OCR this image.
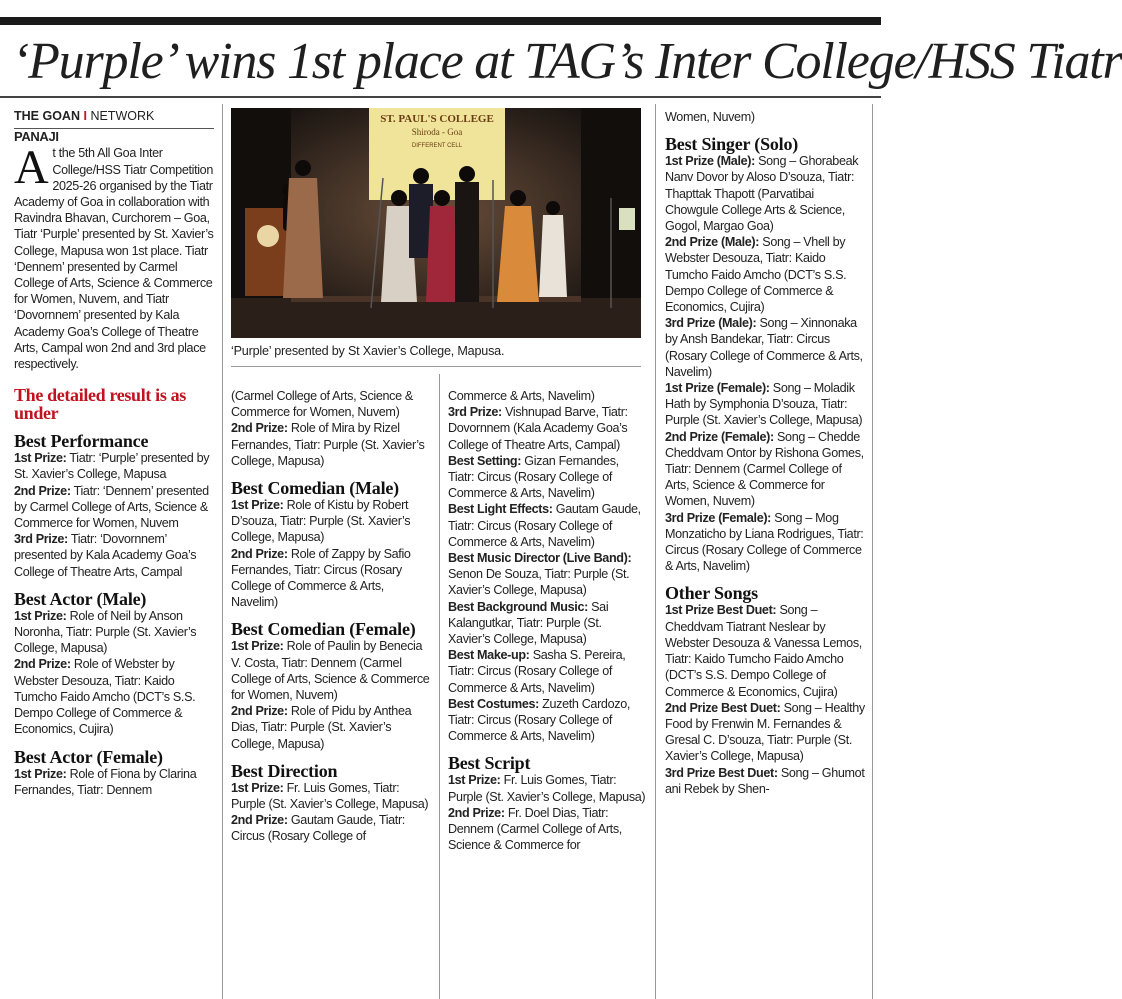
‘Purple’ wins 1st place at TAG’s Inter College/HSS Tiatr
THE GOAN I NETWORK

PANAJI

At the 5th All Goa Inter College/HSS Tiatr Competition 2025-26 organised by the Tiatr Academy of Goa in collaboration with Ravindra Bhavan, Curchorem – Goa, Tiatr ‘Purple’ presented by St. Xavier’s College, Mapusa won 1st place. Tiatr ‘Dennem’ presented by Carmel College of Arts, Science & Commerce for Women, Nuvem, and Tiatr ‘Dovornnem’ presented by Kala Academy Goa’s College of Theatre Arts, Campal won 2nd and 3rd place respectively.

The detailed result is as under
Best Performance

1st Prize: Tiatr: ‘Purple’ presented by St. Xavier’s College, Mapusa

2nd Prize: Tiatr: ‘Dennem’ presented by Carmel College of Arts, Science & Commerce for Women, Nuvem

3rd Prize: Tiatr: ‘Dovornnem’ presented by Kala Academy Goa’s College of Theatre Arts, Campal

Best Actor (Male)

1st Prize: Role of Neil by Anson Noronha, Tiatr: Purple (St. Xavier’s College, Mapusa)

2nd Prize: Role of Webster by Webster Desouza, Tiatr: Kaido Tumcho Faido Amcho (DCT’s S.S. Dempo College of Commerce & Economics, Cujira)

Best Actor (Female)

1st Prize: Role of Fiona by Clarina Fernandes, Tiatr: Dennem

ST. PAUL'S COLLEGE
Shiroda - Goa
DIFFERENT CELL
‘Purple’ presented by St Xavier’s College, Mapusa.

(Carmel College of Arts, Science & Commerce for Women, Nuvem)

2nd Prize: Role of Mira by Rizel Fernandes, Tiatr: Purple (St. Xavier’s College, Mapusa)

Best Comedian (Male)

1st Prize: Role of Kistu by Robert D’souza, Tiatr: Purple (St. Xavier’s College, Mapusa)

2nd Prize: Role of Zappy by Safio Fernandes, Tiatr: Circus (Rosary College of Commerce & Arts, Navelim)

Best Comedian (Female)

1st Prize: Role of Paulin by Benecia V. Costa, Tiatr: Dennem (Carmel College of Arts, Science & Commerce for Women, Nuvem)

2nd Prize: Role of Pidu by Anthea Dias, Tiatr: Purple (St. Xavier’s College, Mapusa)

Best Direction

1st Prize: Fr. Luis Gomes, Tiatr: Purple (St. Xavier’s College, Mapusa)

2nd Prize: Gautam Gaude, Tiatr: Circus (Rosary College of

Commerce & Arts, Navelim)

3rd Prize: Vishnupad Barve, Tiatr: Dovornnem (Kala Academy Goa’s College of Theatre Arts, Campal)

Best Setting: Gizan Fernandes, Tiatr: Circus (Rosary College of Commerce & Arts, Navelim)

Best Light Effects: Gautam Gaude, Tiatr: Circus (Rosary College of Commerce & Arts, Navelim)

Best Music Director (Live Band): Senon De Souza, Tiatr: Purple (St. Xavier’s College, Mapusa)

Best Background Music: Sai Kalangutkar, Tiatr: Purple (St. Xavier’s College, Mapusa)

Best Make-up: Sasha S. Pereira, Tiatr: Circus (Rosary College of Commerce & Arts, Navelim)

Best Costumes: Zuzeth Cardozo, Tiatr: Circus (Rosary College of Commerce & Arts, Navelim)

Best Script

1st Prize: Fr. Luis Gomes, Tiatr: Purple (St. Xavier’s College, Mapusa)

2nd Prize: Fr. Doel Dias, Tiatr: Dennem (Carmel College of Arts, Science & Commerce for

Women, Nuvem)

Best Singer (Solo)

1st Prize (Male): Song – Ghorabeak Nanv Dovor by Aloso D’souza, Tiatr: Thapttak Thapott (Parvatibai Chowgule College Arts & Science, Gogol, Margao Goa)

2nd Prize (Male): Song – Vhell by Webster Desouza, Tiatr: Kaido Tumcho Faido Amcho (DCT’s S.S. Dempo College of Commerce & Economics, Cujira)

3rd Prize (Male): Song – Xinnonaka by Ansh Bandekar, Tiatr: Circus (Rosary College of Commerce & Arts, Navelim)

1st Prize (Female): Song – Moladik Hath by Symphonia D’souza, Tiatr: Purple (St. Xavier’s College, Mapusa)

2nd Prize (Female): Song – Chedde Cheddvam Ontor by Rishona Gomes, Tiatr: Dennem (Carmel College of Arts, Science & Commerce for Women, Nuvem)

3rd Prize (Female): Song – Mog Monzaticho by Liana Rodrigues, Tiatr: Circus (Rosary College of Commerce & Arts, Navelim)

Other Songs

1st Prize Best Duet: Song – Cheddvam Tiatrant Neslear by Webster Desouza & Vanessa Lemos, Tiatr: Kaido Tumcho Faido Amcho (DCT’s S.S. Dempo College of Commerce & Economics, Cujira)

2nd Prize Best Duet: Song – Healthy Food by Frenwin M. Fernandes & Gresal C. D’souza, Tiatr: Purple (St. Xavier’s College, Mapusa)

3rd Prize Best Duet: Song – Ghumot ani Rebek by Shen-
